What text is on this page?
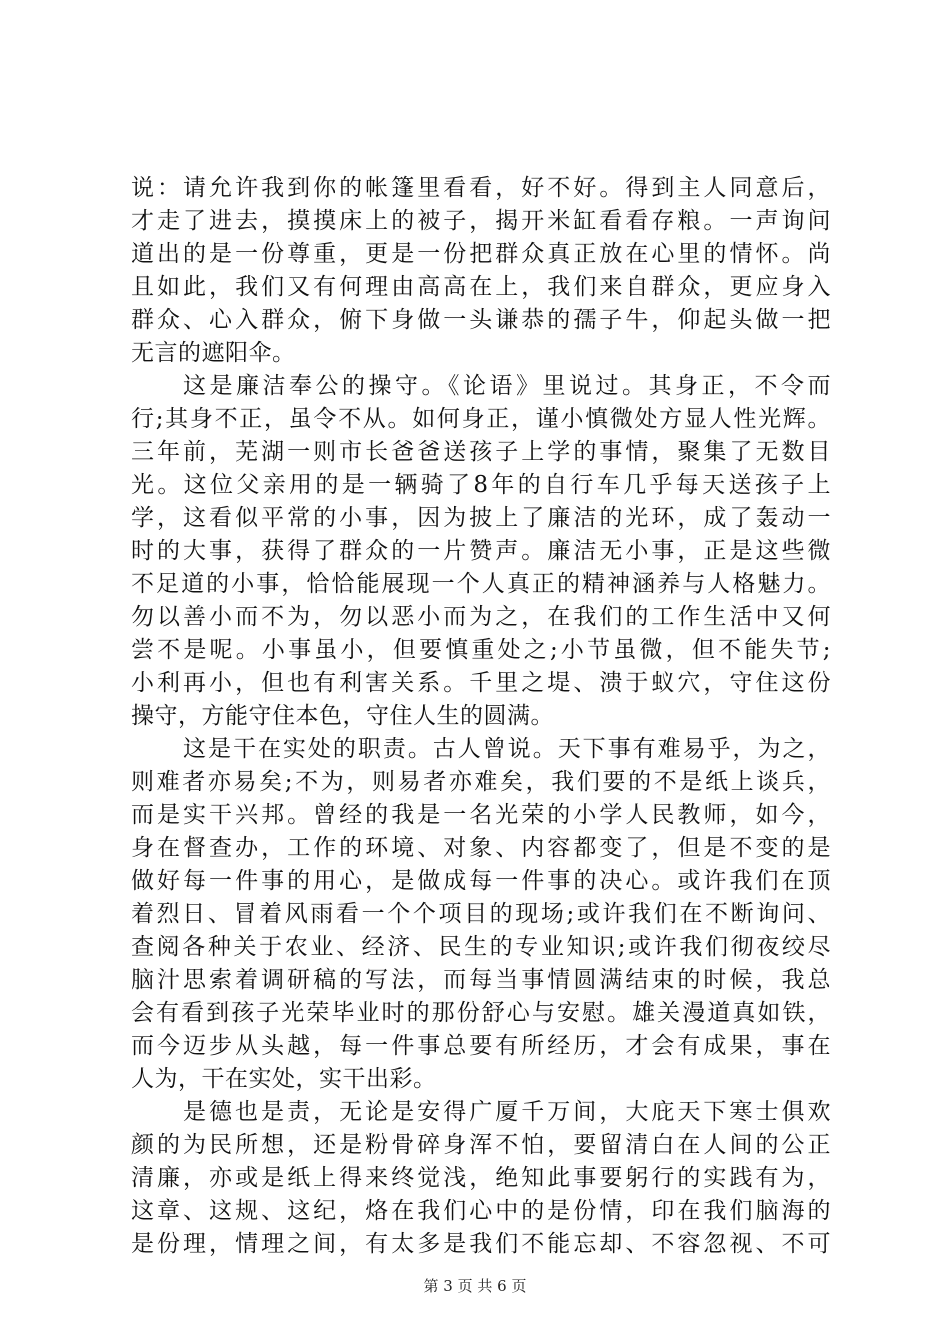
说：请允许我到你的帐篷里看看，好不好。得到主人同意后，
才走了进去，摸摸床上的被子，揭开米缸看看存粮。一声询问
道出的是一份尊重，更是一份把群众真正放在心里的情怀。尚
且如此，我们又有何理由高高在上，我们来自群众，更应身入
群众、心入群众，俯下身做一头谦恭的孺子牛，仰起头做一把
无言的遮阳伞。
这是廉洁奉公的操守。《论语》里说过。其身正，不令而
行;其身不正，虽令不从。如何身正，谨小慎微处方显人性光辉。
三年前，芜湖一则市长爸爸送孩子上学的事情，聚集了无数目
光。这位父亲用的是一辆骑了8年的自行车几乎每天送孩子上
学，这看似平常的小事，因为披上了廉洁的光环，成了轰动一
时的大事，获得了群众的一片赞声。廉洁无小事，正是这些微
不足道的小事，恰恰能展现一个人真正的精神涵养与人格魅力。
勿以善小而不为，勿以恶小而为之，在我们的工作生活中又何
尝不是呢。小事虽小，但要慎重处之;小节虽微，但不能失节;
小利再小，但也有利害关系。千里之堤、溃于蚁穴，守住这份
操守，方能守住本色，守住人生的圆满。
这是干在实处的职责。古人曾说。天下事有难易乎，为之，
则难者亦易矣;不为，则易者亦难矣，我们要的不是纸上谈兵，
而是实干兴邦。曾经的我是一名光荣的小学人民教师，如今，
身在督查办，工作的环境、对象、内容都变了，但是不变的是
做好每一件事的用心，是做成每一件事的决心。或许我们在顶
着烈日、冒着风雨看一个个项目的现场;或许我们在不断询问、
查阅各种关于农业、经济、民生的专业知识;或许我们彻夜绞尽
脑汁思索着调研稿的写法，而每当事情圆满结束的时候，我总
会有看到孩子光荣毕业时的那份舒心与安慰。雄关漫道真如铁，
而今迈步从头越，每一件事总要有所经历，才会有成果，事在
人为，干在实处，实干出彩。
是德也是责，无论是安得广厦千万间，大庇天下寒士俱欢
颜的为民所想，还是粉骨碎身浑不怕，要留清白在人间的公正
清廉，亦或是纸上得来终觉浅，绝知此事要躬行的实践有为，
这章、这规、这纪，烙在我们心中的是份情，印在我们脑海的
是份理，情理之间，有太多是我们不能忘却、不容忽视、不可
第 3 页 共 6 页
